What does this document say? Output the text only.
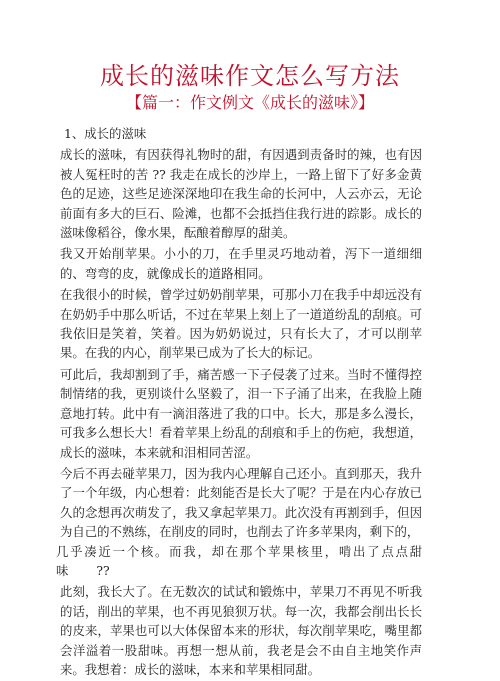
成长的滋味作文怎么写方法
【篇一：作文例文《成长的滋味》】

1、成长的滋味

成长的滋味，有因获得礼物时的甜，有因遇到责备时的辣，也有因被人冤枉时的苦 ?? 我走在成长的沙岸上，一路上留下了好多金黄色的足迹，这些足迹深深地印在我生命的长河中，人云亦云，无论前面有多大的巨石、险滩，也都不会抵挡住我行进的踪影。成长的滋味像稻谷，像水果，酝酿着醇厚的甜美。

我又开始削苹果。小小的刀，在手里灵巧地动着，泻下一道细细的、弯弯的皮，就像成长的道路相同。

在我很小的时候，曾学过奶奶削苹果，可那小刀在我手中却远没有在奶奶手中那么听话，不过在苹果上刻上了一道道纷乱的刮痕。可我依旧是笑着，笑着。因为奶奶说过，只有长大了，才可以削苹果。在我的内心，削苹果已成为了长大的标记。

可此后，我却割到了手，痛苦感一下子侵袭了过来。当时不懂得控制情绪的我，更别谈什么坚毅了，泪一下子涌了出来，在我脸上随意地打转。此中有一滴泪落进了我的口中。长大，那是多么漫长，可我多么想长大！看着苹果上纷乱的刮痕和手上的伤疤，我想道，成长的滋味，本来就和泪相同苦涩。

今后不再去碰苹果刀，因为我内心理解自己还小。直到那天，我升了一个年级，内心想着：此刻能否是长大了呢？于是在内心存放已久的念想再次萌发了，我又拿起苹果刀。此次没有再割到手，但因为自己的不熟练，在削皮的同时，也削去了许多苹果肉，剩下的，

几乎凑近一个核。而我，却在那个苹果核里，啃出了点点甜味 ??

此刻，我长大了。在无数次的试试和锻炼中，苹果刀不再见不听我的话，削出的苹果，也不再见狼狈万状。每一次，我都会削出长长的皮来，苹果也可以大体保留本来的形状，每次削苹果吃，嘴里都会洋溢着一股甜味。再想一想从前，我老是会不由自主地笑作声来。我想着：成长的滋味，本来和苹果相同甜。
